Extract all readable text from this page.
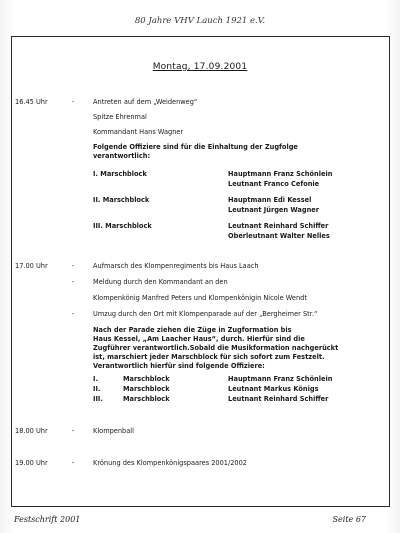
80 Jahre VHV Lauch 1921 e.V.
Montag, 17.09.2001
16.45 Uhr	-	Antreten auf dem „Weidenweg“
Spitze Ehrenmal
Kommandant Hans Wagner
Folgende Offiziere sind für die Einhaltung der Zugfolge
verantwortlich:
I. Marschblock	Hauptmann Franz Schönlein
Leutnant Franco Cefonie
II. Marschblock	Hauptmann Edi Kessel
Leutnant Jürgen Wagner
III. Marschblock	Leutnant Reinhard Schiffer
Oberleutnant Walter Nelles
17.00 Uhr	-	Aufmarsch des Klompenregiments bis Haus Laach
-	Meldung durch den Kommandant an den
Klompenkönig Manfred Peters und Klompenkönigin Nicole Wendt
-	Umzug durch den Ort mit Klompenparade auf der „Bergheimer Str.“
Nach der Parade ziehen die Züge in Zugformation bis
Haus Kessel, „Am Laacher Haus“, durch. Hierfür sind die
Zugführer verantwortlich.Sobald die Musikformation nachgerückt
ist, marschiert jeder Marschblock für sich sofort zum Festzelt.
Verantwortlich hierfür sind folgende Offiziere:
I.	Marschblock	Hauptmann Franz Schönlein
II.	Marschblock	Leutnant Markus Königs
III.	Marschblock	Leutnant Reinhard Schiffer
18.00 Uhr	-	Klompenball
19.00 Uhr	-	Krönung des Klompenkönigspaares 2001/2002
Festschrift 2001	Seite 67
